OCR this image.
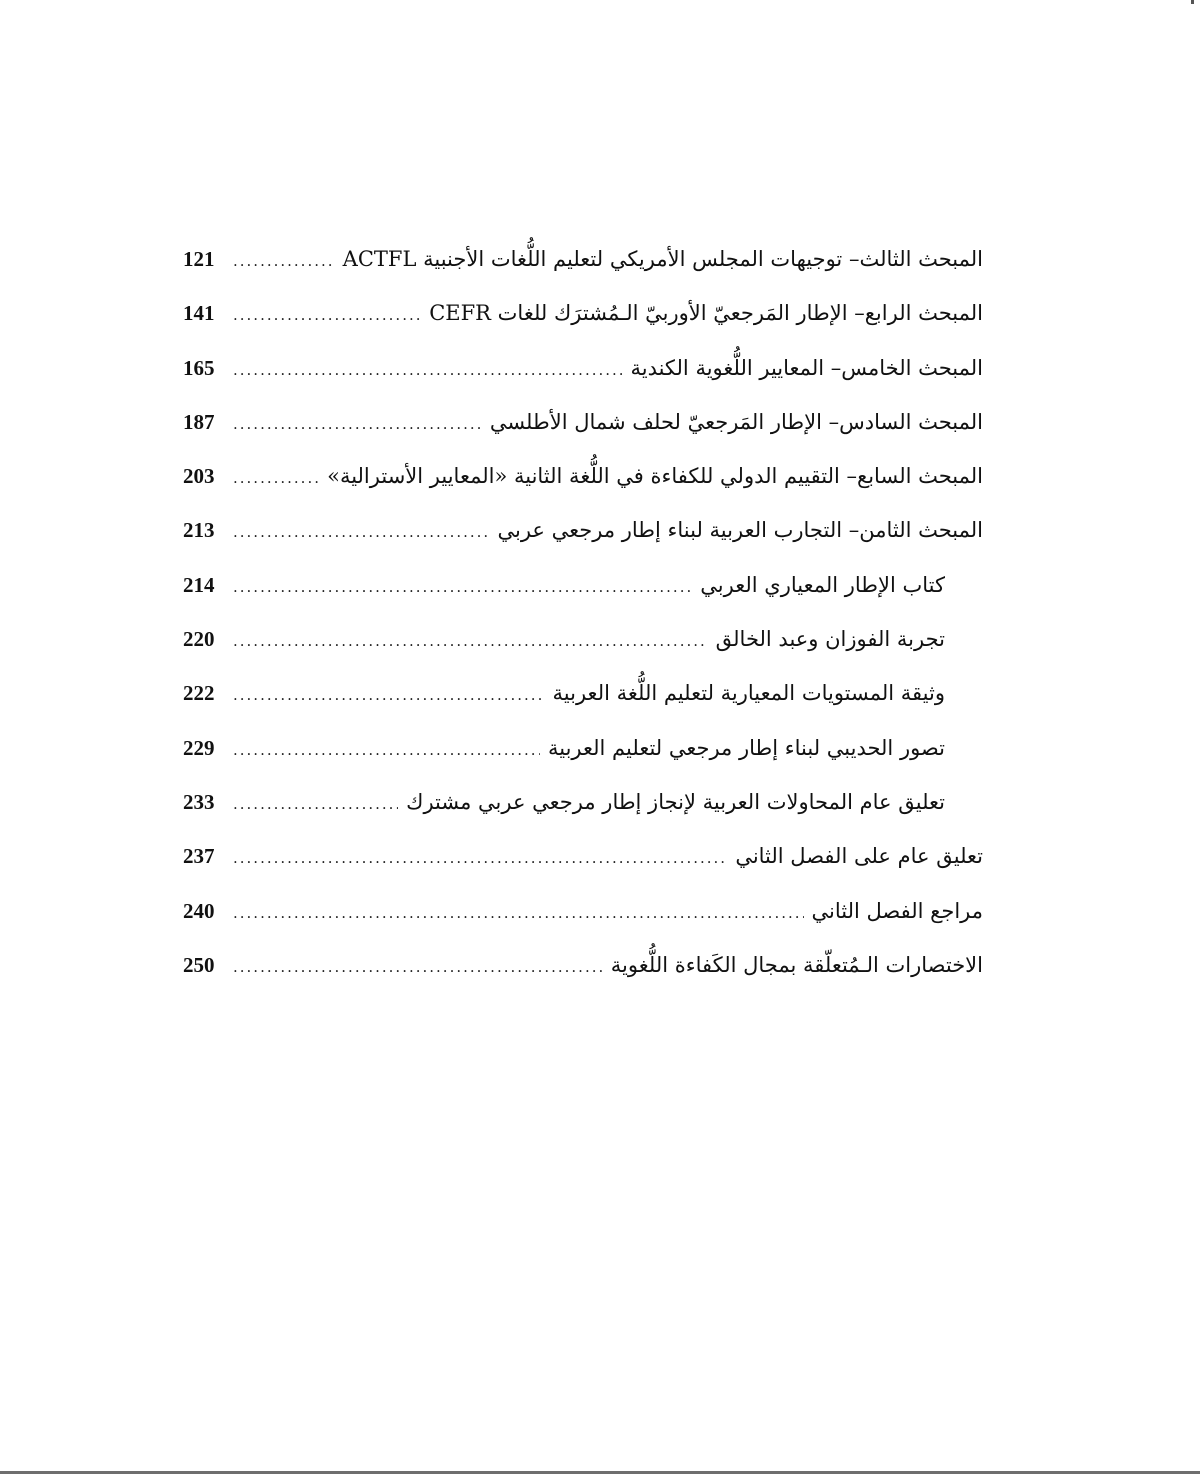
121 .....	المبحث الثالث– توجيهات المجلس الأمريكي لتعليم اللُّغات الأجنبية ACTFL
141 .....	المبحث الرابع– الإطار المَرجعيّ الأوربيّ الـمُشترَك للغات CEFR
165 .....	المبحث الخامس– المعايير اللُّغوية الكندية
187 .....	المبحث السادس– الإطار المَرجعيّ لحلف شمال الأطلسي
203 .....	المبحث السابع– التقييم الدولي للكفاءة في اللُّغة الثانية «المعايير الأسترالية»
213 .....	المبحث الثامن– التجارب العربية لبناء إطار مرجعي عربي
214 .....	كتاب الإطار المعياري العربي
220 .....	تجربة الفوزان وعبد الخالق
222 .....	وثيقة المستويات المعيارية لتعليم اللُّغة العربية
229 .....	تصور الحديبي لبناء إطار مرجعي لتعليم العربية
233 .....	تعليق عام المحاولات العربية لإنجاز إطار مرجعي عربي مشترك
237 .....	تعليق عام على الفصل الثاني
240 .....	مراجع الفصل الثاني
250 .....	الاختصارات الـمُتعلّقة بمجال الكَفاءة اللُّغوية
